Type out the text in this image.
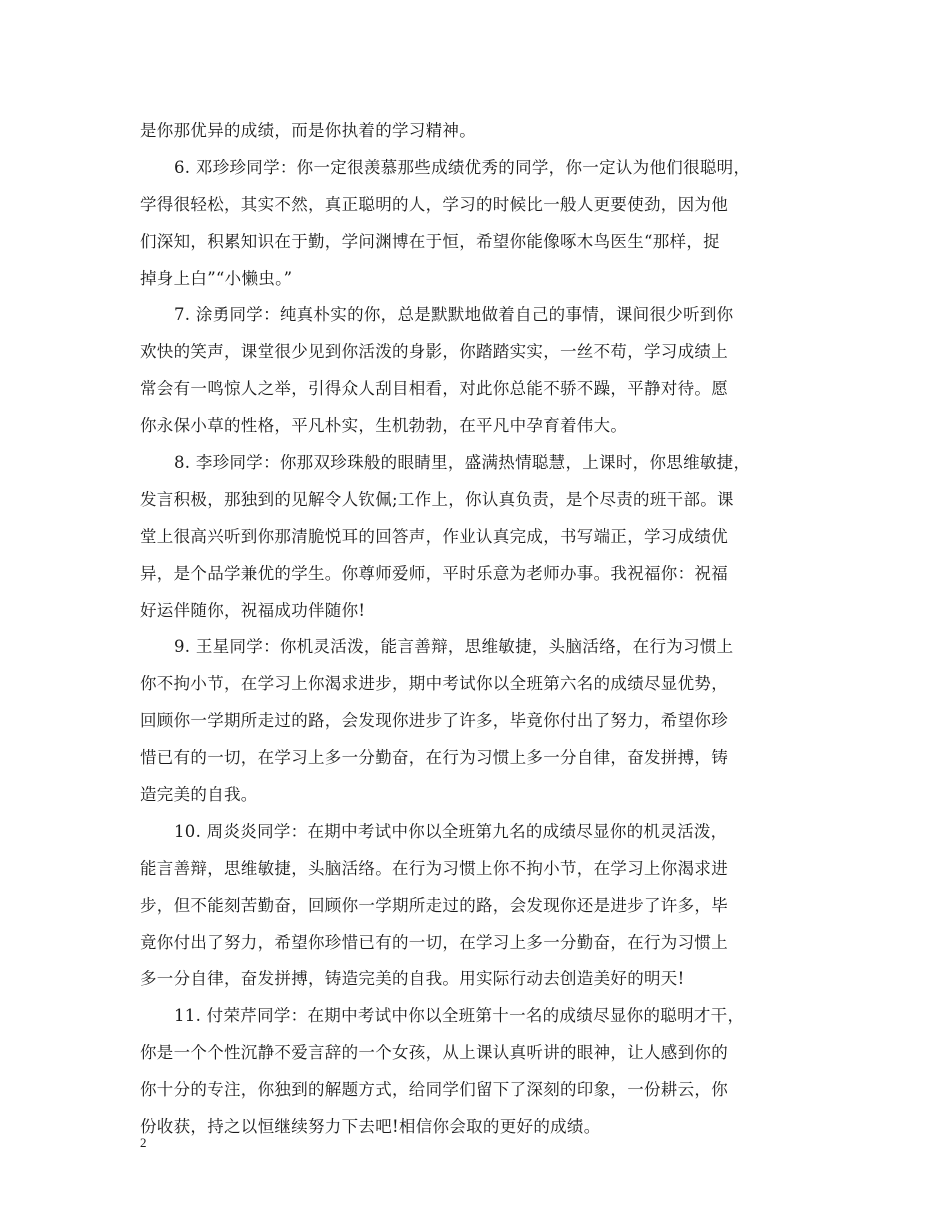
是你那优异的成绩，而是你执着的学习精神。
6. 邓珍珍同学：你一定很羡慕那些成绩优秀的同学，你一定认为他们很聪明，
学得很轻松，其实不然，真正聪明的人，学习的时候比一般人更要使劲，因为他
们深知，积累知识在于勤，学问渊博在于恒，希望你能像啄木鸟医生“那样，捉
掉身上白”“小懒虫。”
7. 涂勇同学：纯真朴实的你，总是默默地做着自己的事情，课间很少听到你
欢快的笑声，课堂很少见到你活泼的身影，你踏踏实实，一丝不苟，学习成绩上
常会有一鸣惊人之举，引得众人刮目相看，对此你总能不骄不躁，平静对待。愿
你永保小草的性格，平凡朴实，生机勃勃，在平凡中孕育着伟大。
8. 李珍同学：你那双珍珠般的眼睛里，盛满热情聪慧，上课时，你思维敏捷，
发言积极，那独到的见解令人钦佩;工作上，你认真负责，是个尽责的班干部。课
堂上很高兴听到你那清脆悦耳的回答声，作业认真完成，书写端正，学习成绩优
异，是个品学兼优的学生。你尊师爱师，平时乐意为老师办事。我祝福你：祝福
好运伴随你，祝福成功伴随你!
9. 王星同学：你机灵活泼，能言善辩，思维敏捷，头脑活络，在行为习惯上
你不拘小节，在学习上你渴求进步，期中考试你以全班第六名的成绩尽显优势，
回顾你一学期所走过的路，会发现你进步了许多，毕竟你付出了努力，希望你珍
惜已有的一切，在学习上多一分勤奋，在行为习惯上多一分自律，奋发拼搏，铸
造完美的自我。
10. 周炎炎同学：在期中考试中你以全班第九名的成绩尽显你的机灵活泼，
能言善辩，思维敏捷，头脑活络。在行为习惯上你不拘小节，在学习上你渴求进
步，但不能刻苦勤奋，回顾你一学期所走过的路，会发现你还是进步了许多，毕
竟你付出了努力，希望你珍惜已有的一切，在学习上多一分勤奋，在行为习惯上
多一分自律，奋发拼搏，铸造完美的自我。用实际行动去创造美好的明天!
11. 付荣芹同学：在期中考试中你以全班第十一名的成绩尽显你的聪明才干，
你是一个个性沉静不爱言辞的一个女孩，从上课认真听讲的眼神，让人感到你的
你十分的专注，你独到的解题方式，给同学们留下了深刻的印象，一份耕云，你
份收获，持之以恒继续努力下去吧!相信你会取的更好的成绩。
2
